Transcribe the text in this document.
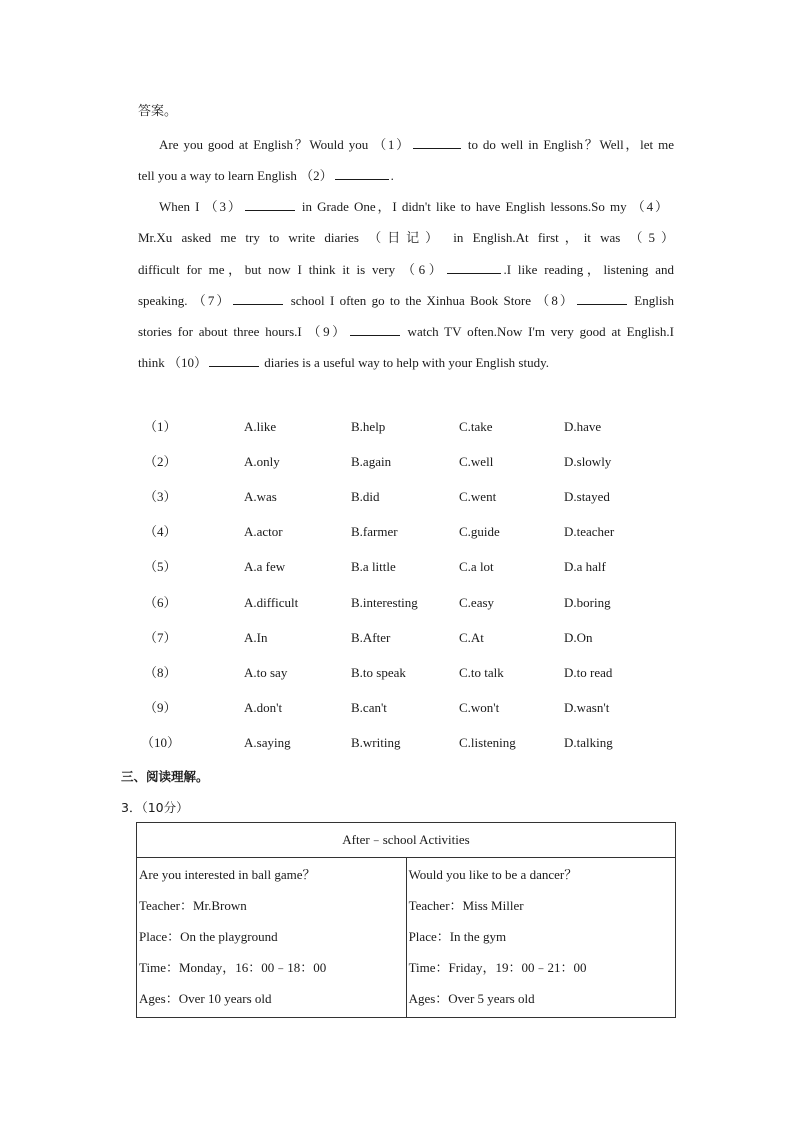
答案。
Are you good at English？Would you （1）	to do well in English？Well，let me
tell you a way to learn English （2）	.
When I （3）	in Grade One，I didn't like to have English lessons.So my （4）
Mr.Xu asked me try to write diaries （日记） in English.At first，it was （5）
difficult for me，but now I think it is very （6）	.I like reading，listening and
speaking. （7）	school I often go to the Xinhua Book Store （8）	English
stories for about three hours.I （9）	watch TV often.Now I'm very good at English.I
think （10）	diaries is a useful way to help with your English study.
（1）	A.like	B.help	C.take	D.have
（2）	A.only	B.again	C.well	D.slowly
（3）	A.was	B.did	C.went	D.stayed
（4）	A.actor	B.farmer	C.guide	D.teacher
（5）	A.a few	B.a little	C.a lot	D.a half
（6）	A.difficult	B.interesting	C.easy	D.boring
（7）	A.In	B.After	C.At	D.On
（8）	A.to say	B.to speak	C.to talk	D.to read
（9）	A.don't	B.can't	C.won't	D.wasn't
（10）	A.saying	B.writing	C.listening	D.talking
三、阅读理解。
3．（10分）
After﹣school Activities

Are you interested in ball game？
Teacher：Mr.Brown
Place：On the playground
Time：Monday，16：00﹣18：00
Ages：Over 10 years old

Would you like to be a dancer？
Teacher：Miss Miller
Place：In the gym
Time：Friday，19：00﹣21：00
Ages：Over 5 years old
